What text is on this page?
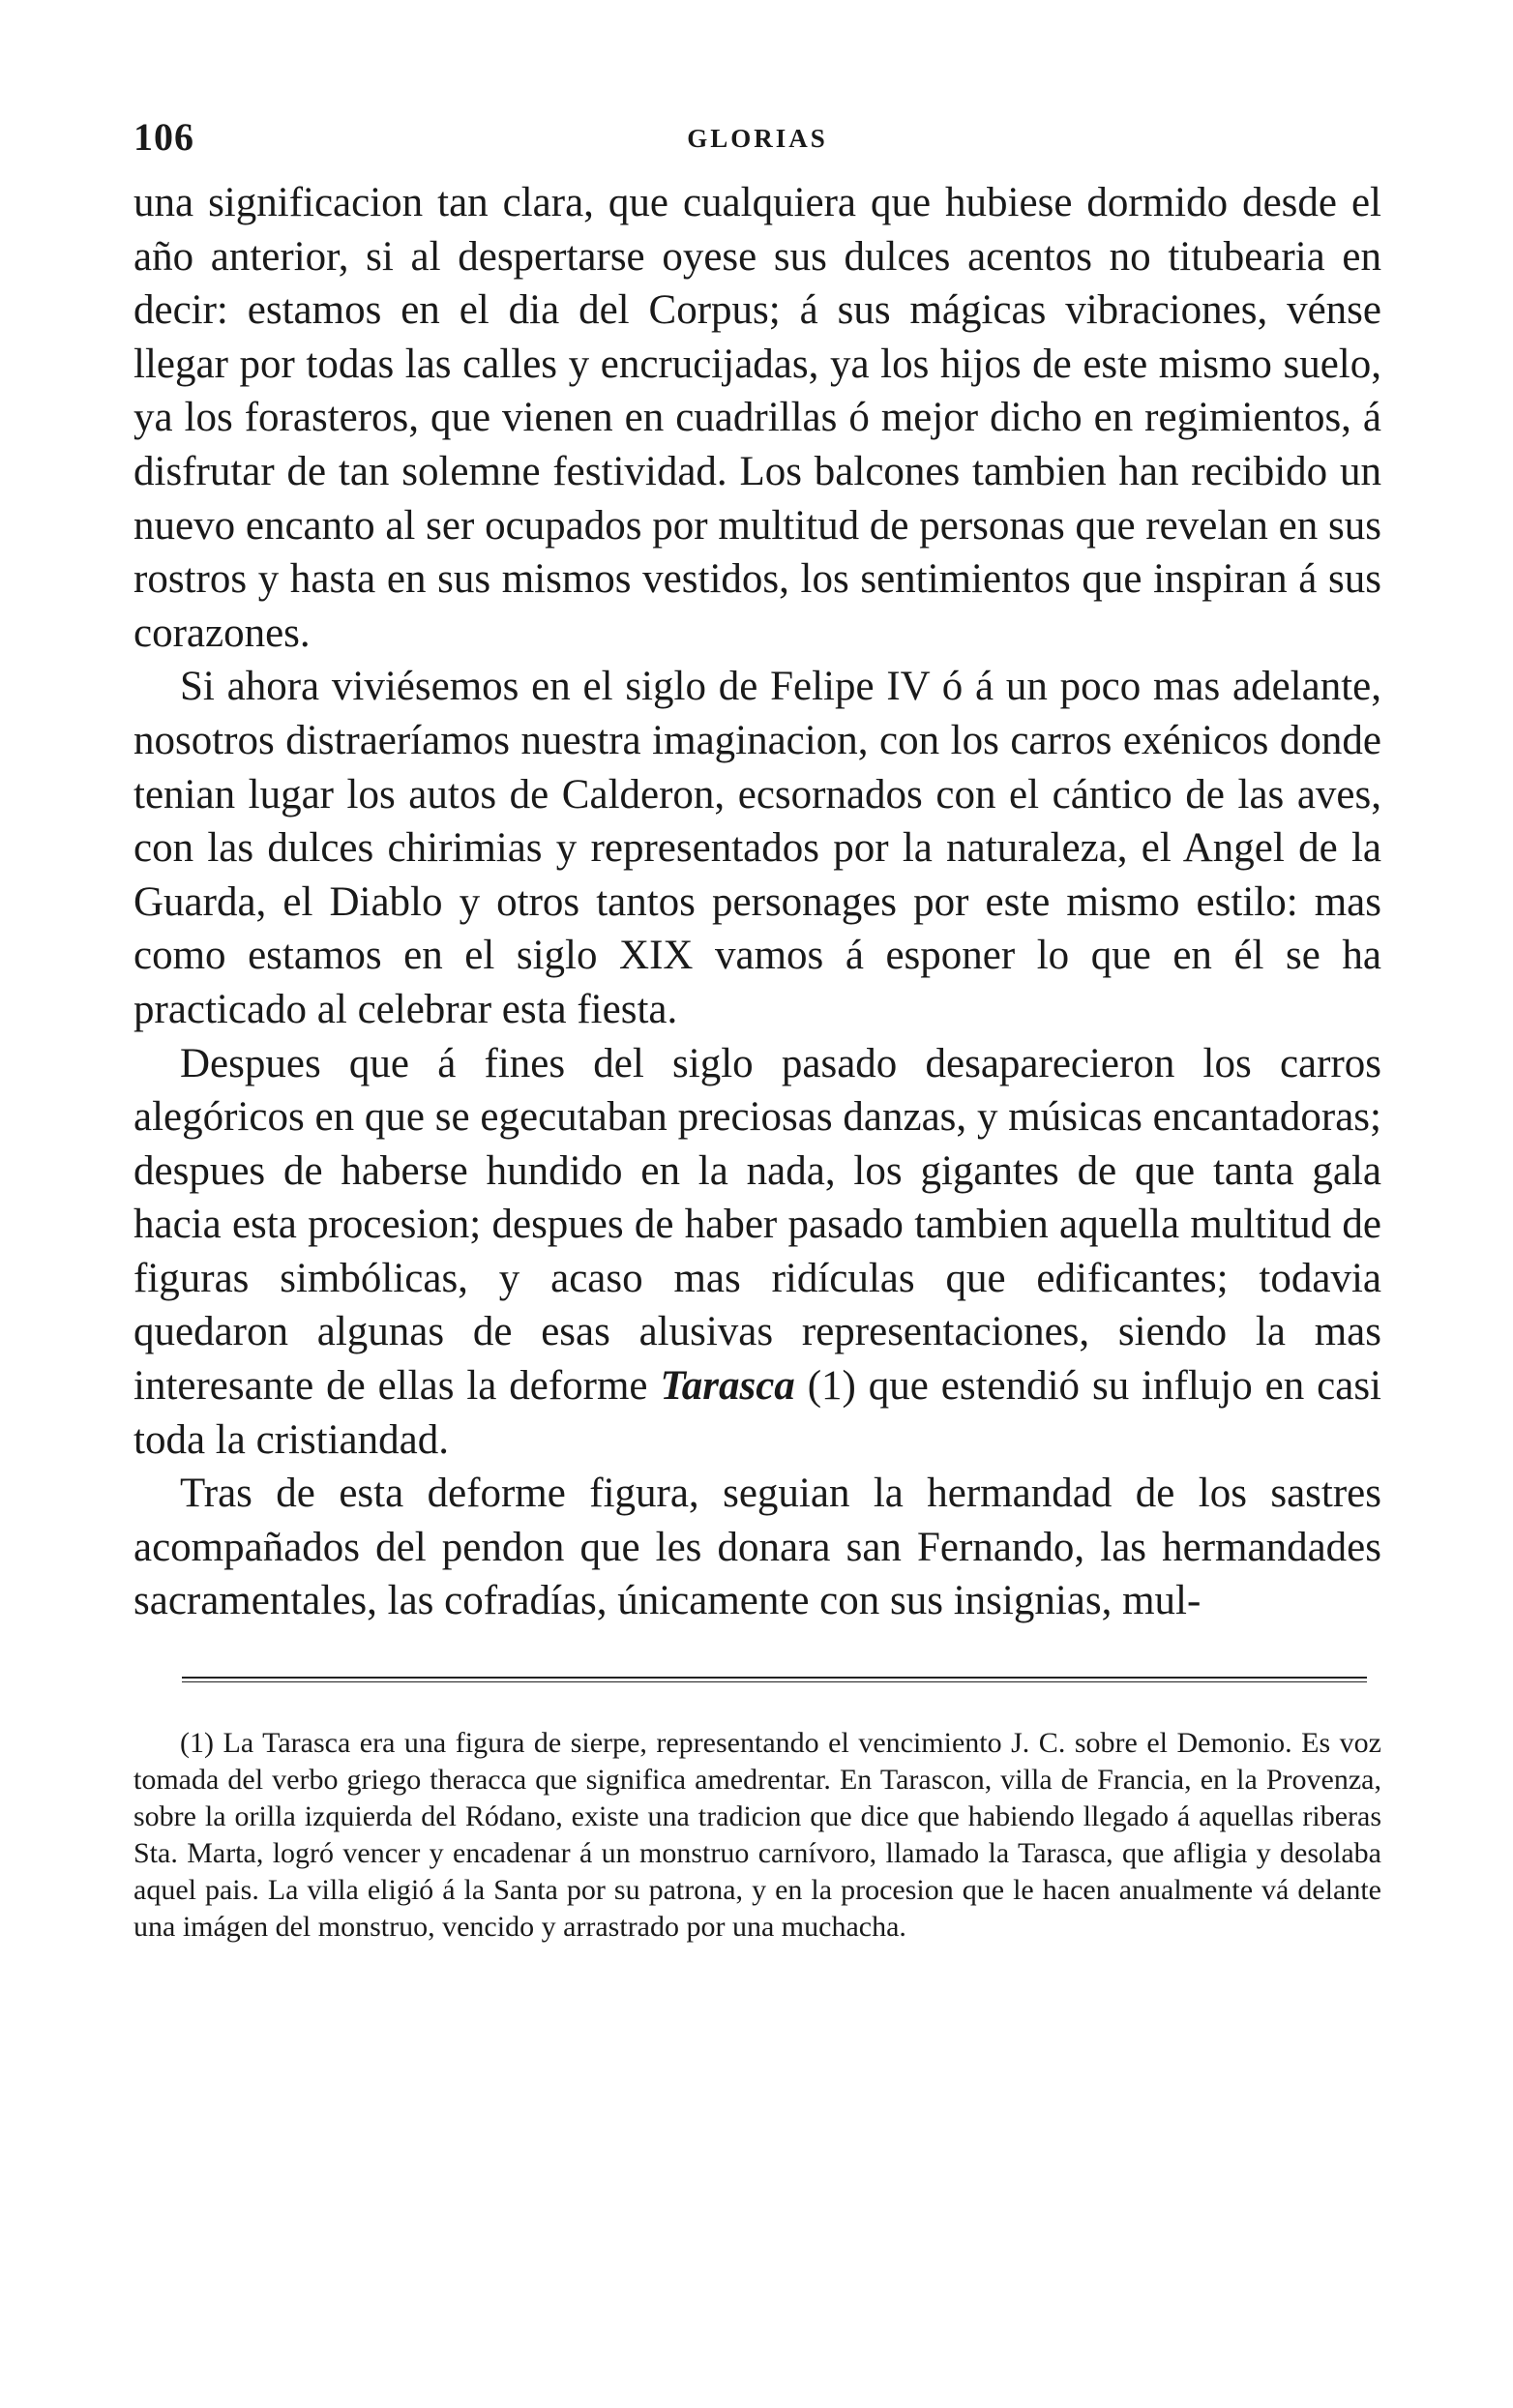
106	GLORIAS

una significacion tan clara, que cualquiera que hubiese dormido desde el año anterior, si al despertarse oyese sus dulces acentos no titubearia en decir: estamos en el dia del Corpus; á sus mágicas vibraciones, vénse llegar por todas las calles y encrucijadas, ya los hijos de este mismo suelo, ya los forasteros, que vienen en cuadrillas ó mejor dicho en regimientos, á disfrutar de tan solemne festividad. Los balcones tambien han recibido un nuevo encanto al ser ocupados por multitud de personas que revelan en sus rostros y hasta en sus mismos vestidos, los sentimientos que inspiran á sus corazones.

Si ahora viviésemos en el siglo de Felipe IV ó á un poco mas adelante, nosotros distraeríamos nuestra imaginacion, con los carros exénicos donde tenian lugar los autos de Calderon, ecsornados con el cántico de las aves, con las dulces chirimias y representados por la naturaleza, el Angel de la Guarda, el Diablo y otros tantos personages por este mismo estilo: mas como estamos en el siglo XIX vamos á esponer lo que en él se ha practicado al celebrar esta fiesta.

Despues que á fines del siglo pasado desaparecieron los carros alegóricos en que se egecutaban preciosas danzas, y músicas encantadoras; despues de haberse hundido en la nada, los gigantes de que tanta gala hacia esta procesion; despues de haber pasado tambien aquella multitud de figuras simbólicas, y acaso mas ridículas que edificantes; todavia quedaron algunas de esas alusivas representaciones, siendo la mas interesante de ellas la deforme Tarasca (1) que estendió su influjo en casi toda la cristiandad.

Tras de esta deforme figura, seguian la hermandad de los sastres acompañados del pendon que les donara san Fernando, las hermandades sacramentales, las cofradías, únicamente con sus insignias, mul-

(1) La Tarasca era una figura de sierpe, representando el vencimiento J. C. sobre el Demonio. Es voz tomada del verbo griego theracca que significa amedrentar. En Tarascon, villa de Francia, en la Provenza, sobre la orilla izquierda del Ródano, existe una tradicion que dice que habiendo llegado á aquellas riberas Sta. Marta, logró vencer y encadenar á un monstruo carnívoro, llamado la Tarasca, que afligia y desolaba aquel pais. La villa eligió á la Santa por su patrona, y en la procesion que le hacen anualmente vá delante una imágen del monstruo, vencido y arrastrado por una muchacha.
